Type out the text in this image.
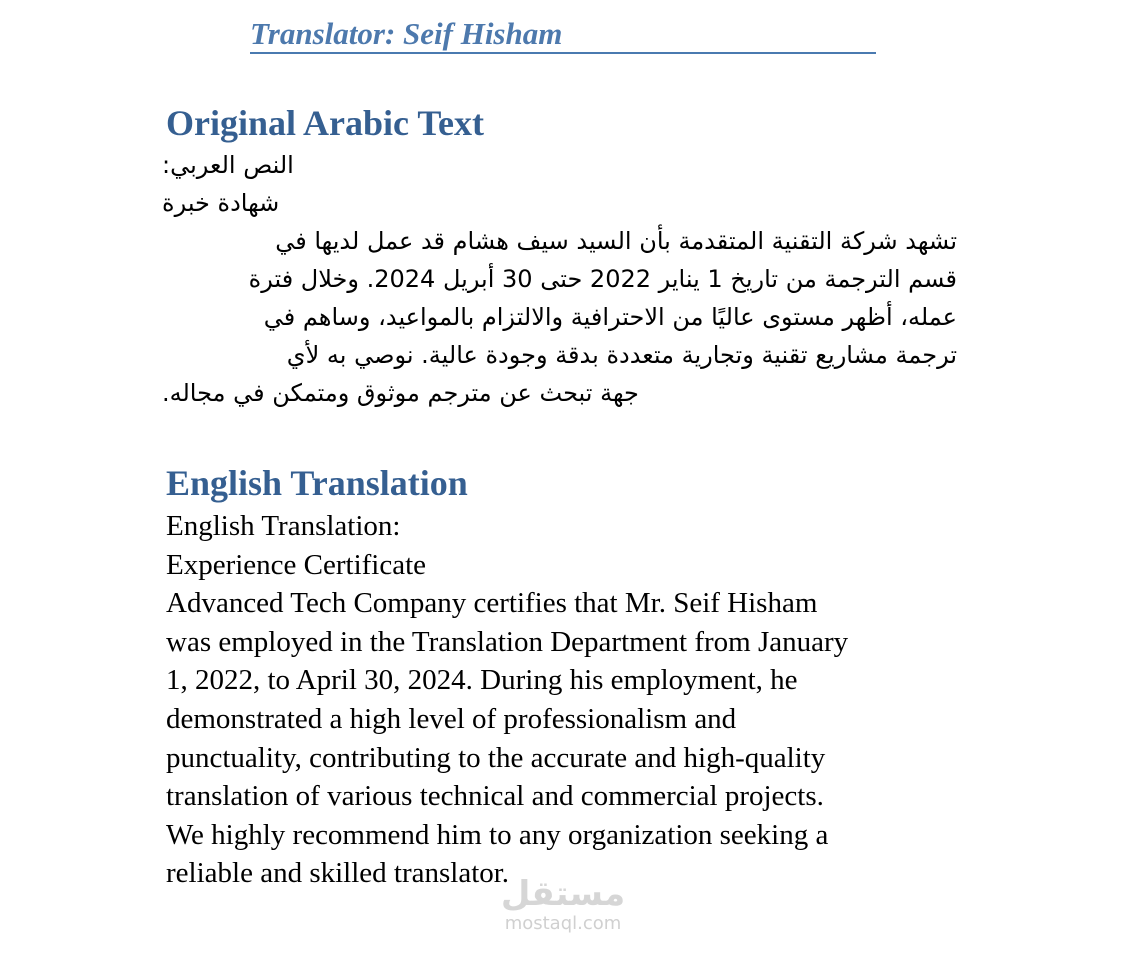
Translator: Seif Hisham
Original Arabic Text
النص العربي:
شهادة خبرة
تشهد شركة التقنية المتقدمة بأن السيد سيف هشام قد عمل لديها في
قسم الترجمة من تاريخ 1 يناير 2022 حتى 30 أبريل 2024. وخلال فترة
عمله، أظهر مستوى عاليًا من الاحترافية والالتزام بالمواعيد، وساهم في
ترجمة مشاريع تقنية وتجارية متعددة بدقة وجودة عالية. نوصي به لأي
جهة تبحث عن مترجم موثوق ومتمكن في مجاله.
English Translation
English Translation:
Experience Certificate
Advanced Tech Company certifies that Mr. Seif Hisham
was employed in the Translation Department from January
1, 2022, to April 30, 2024. During his employment, he
demonstrated a high level of professionalism and
punctuality, contributing to the accurate and high-quality
translation of various technical and commercial projects.
We highly recommend him to any organization seeking a
reliable and skilled translator.
مستقل
mostaql.com
